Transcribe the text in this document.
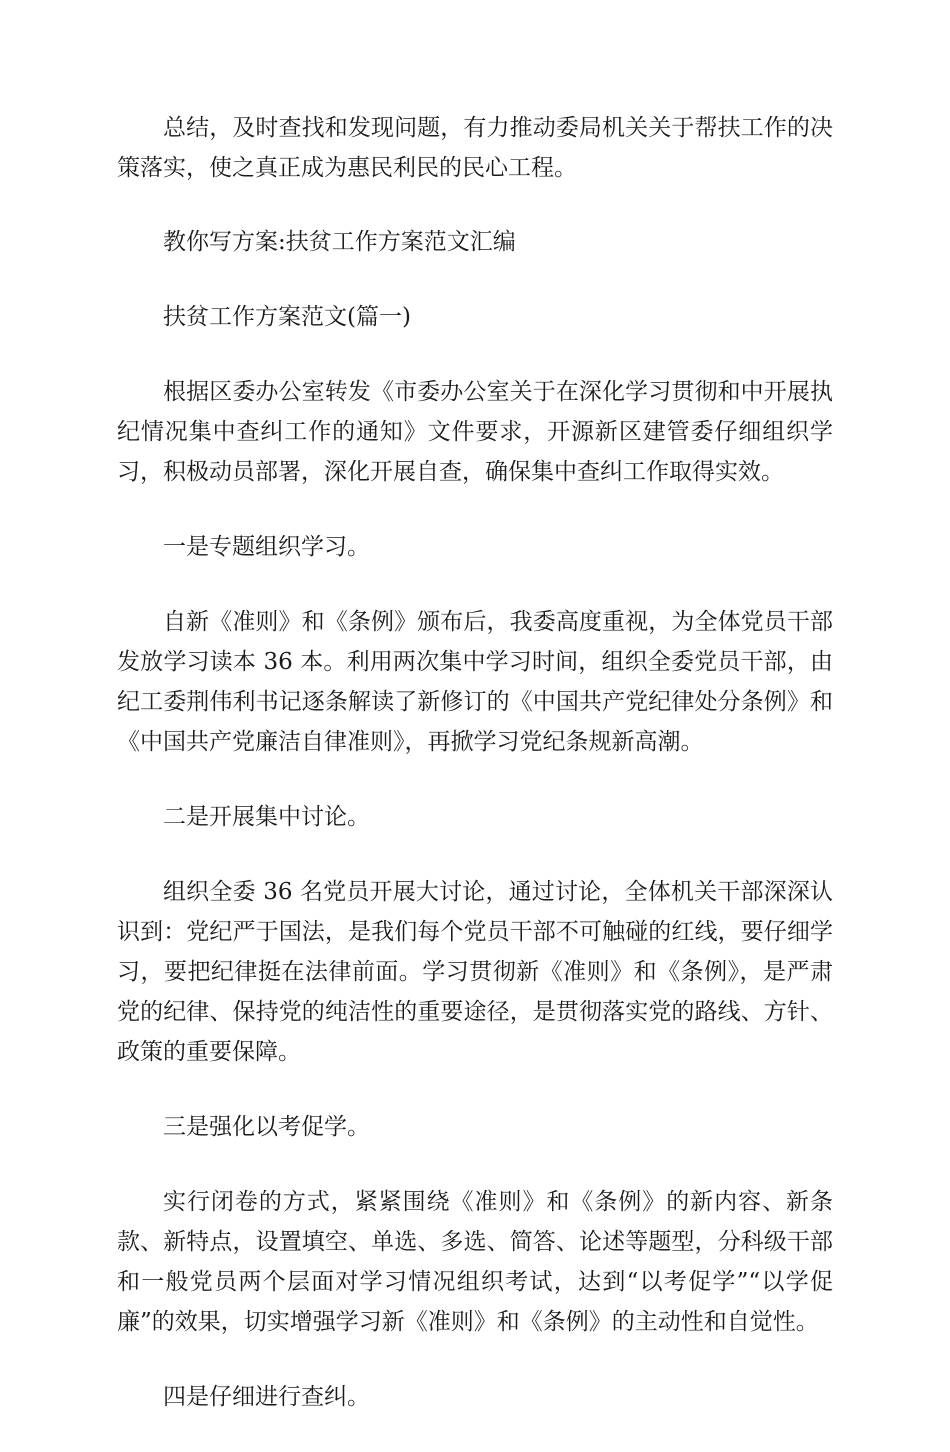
总结，及时查找和发现问题，有力推动委局机关关于帮扶工作的决策落实，使之真正成为惠民利民的民心工程。

教你写方案:扶贫工作方案范文汇编

扶贫工作方案范文(篇一)

根据区委办公室转发《市委办公室关于在深化学习贯彻和中开展执纪情况集中查纠工作的通知》文件要求，开源新区建管委仔细组织学习，积极动员部署，深化开展自查，确保集中查纠工作取得实效。

一是专题组织学习。

自新《准则》和《条例》颁布后，我委高度重视，为全体党员干部发放学习读本 36 本。利用两次集中学习时间，组织全委党员干部，由纪工委荆伟利书记逐条解读了新修订的《中国共产党纪律处分条例》和《中国共产党廉洁自律准则》，再掀学习党纪条规新高潮。

二是开展集中讨论。

组织全委 36 名党员开展大讨论，通过讨论，全体机关干部深深认识到：党纪严于国法，是我们每个党员干部不可触碰的红线，要仔细学习，要把纪律挺在法律前面。学习贯彻新《准则》和《条例》，是严肃党的纪律、保持党的纯洁性的重要途径，是贯彻落实党的路线、方针、政策的重要保障。

三是强化以考促学。

实行闭卷的方式，紧紧围绕《准则》和《条例》的新内容、新条款、新特点，设置填空、单选、多选、简答、论述等题型，分科级干部和一般党员两个层面对学习情况组织考试，达到“以考促学”“以学促廉”的效果，切实增强学习新《准则》和《条例》的主动性和自觉性。

四是仔细进行查纠。
